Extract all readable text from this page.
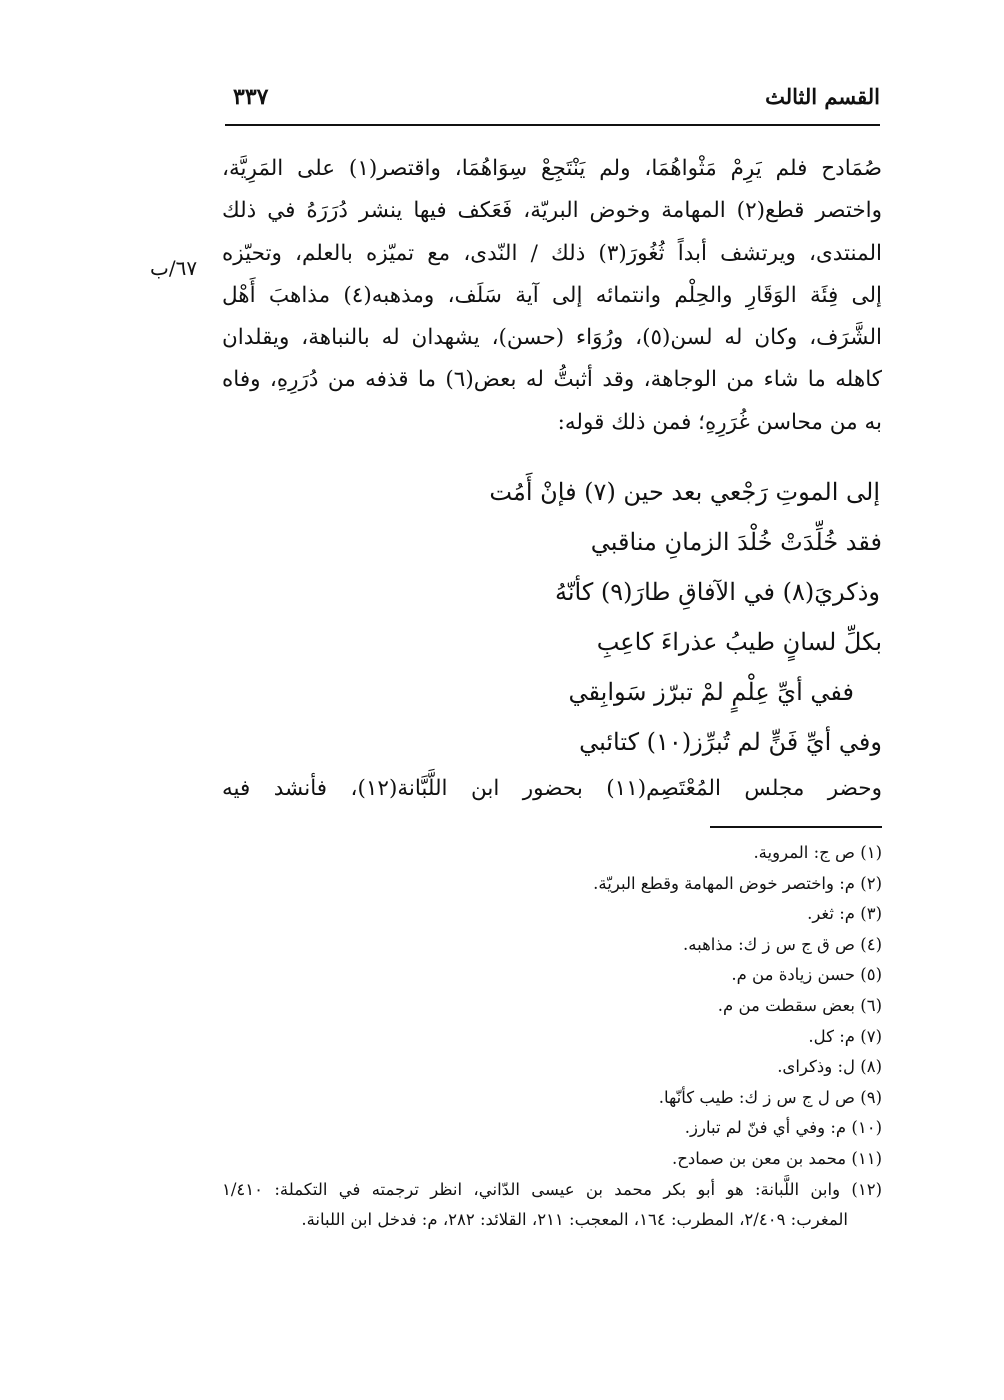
القسم الثالث
٣٣٧
٦٧/ب
صُمَادح فلم يَرِمْ مَثْواهُمَا، ولم يَنْتَجِعْ سِوَاهُمَا، واقتصر(١) على المَرِيَّة،
واختصر قطع(٢) المهامة وخوض البريّة، فَعَكف فيها ينشر دُرَرَهُ في ذلك
المنتدى، ويرتشف أبداً ثُغُورَ(٣) ذلك / النّدى، مع تميّزه بالعلم، وتحيّزه
إلى فِئَة الوَقَارِ والحِلْم وانتمائه إلى آية سَلَف، ومذهبه(٤) مذاهبَ أَهْل
الشَّرَف، وكان له لسن(٥)، ورُوَاء (حسن)، يشهدان له بالنباهة، ويقلدان
كاهله ما شاء من الوجاهة، وقد أثبتُّ له بعض(٦) ما قذفه من دُرَرِهِ، وفاه
به من محاسن غُرَرِهِ؛ فمن ذلك قوله:
إلى الموتِ رَجْعي بعد حين (٧) فإنْ أَمُت
فقد خُلِّدَتْ خُلْدَ الزمانِ مناقبي
وذكريَ(٨) في الآفاقِ طارَ(٩) كأنّهُ
بكلِّ لسانٍ طيبُ عذراءَ كاعِبِ
ففي أيِّ عِلْمٍ لمْ تبرّز سَوابِقي
وفي أيِّ فَنٍّ لم تُبرِّز(١٠) كتائبي
وحضر مجلس المُعْتَصِم(١١) بحضور ابن اللَّبَّانة(١٢)، فأنشد فيه
(١) ص ج: المروية.
(٢) م: واختصر خوض المهامة وقطع البريّة.
(٣) م: ثغر.
(٤) ص ق ج س ز ك: مذاهبه.
(٥) حسن زيادة من م.
(٦) بعض سقطت من م.
(٧) م: كل.
(٨) ل: وذكراى.
(٩) ص ل ج س ز ك: طيب كأنّها.
(١٠) م: وفي أي فنّ لم تبارز.
(١١) محمد بن معن بن صمادح.
(١٢) وابن اللَّبانة: هو أبو بكر محمد بن عيسى الدّاني، انظر ترجمته في التكملة: ١/٤١٠
المغرب: ٢/٤٠٩، المطرب: ١٦٤، المعجب: ٢١١، القلائد: ٢٨٢، م: فدخل ابن اللبانة.
